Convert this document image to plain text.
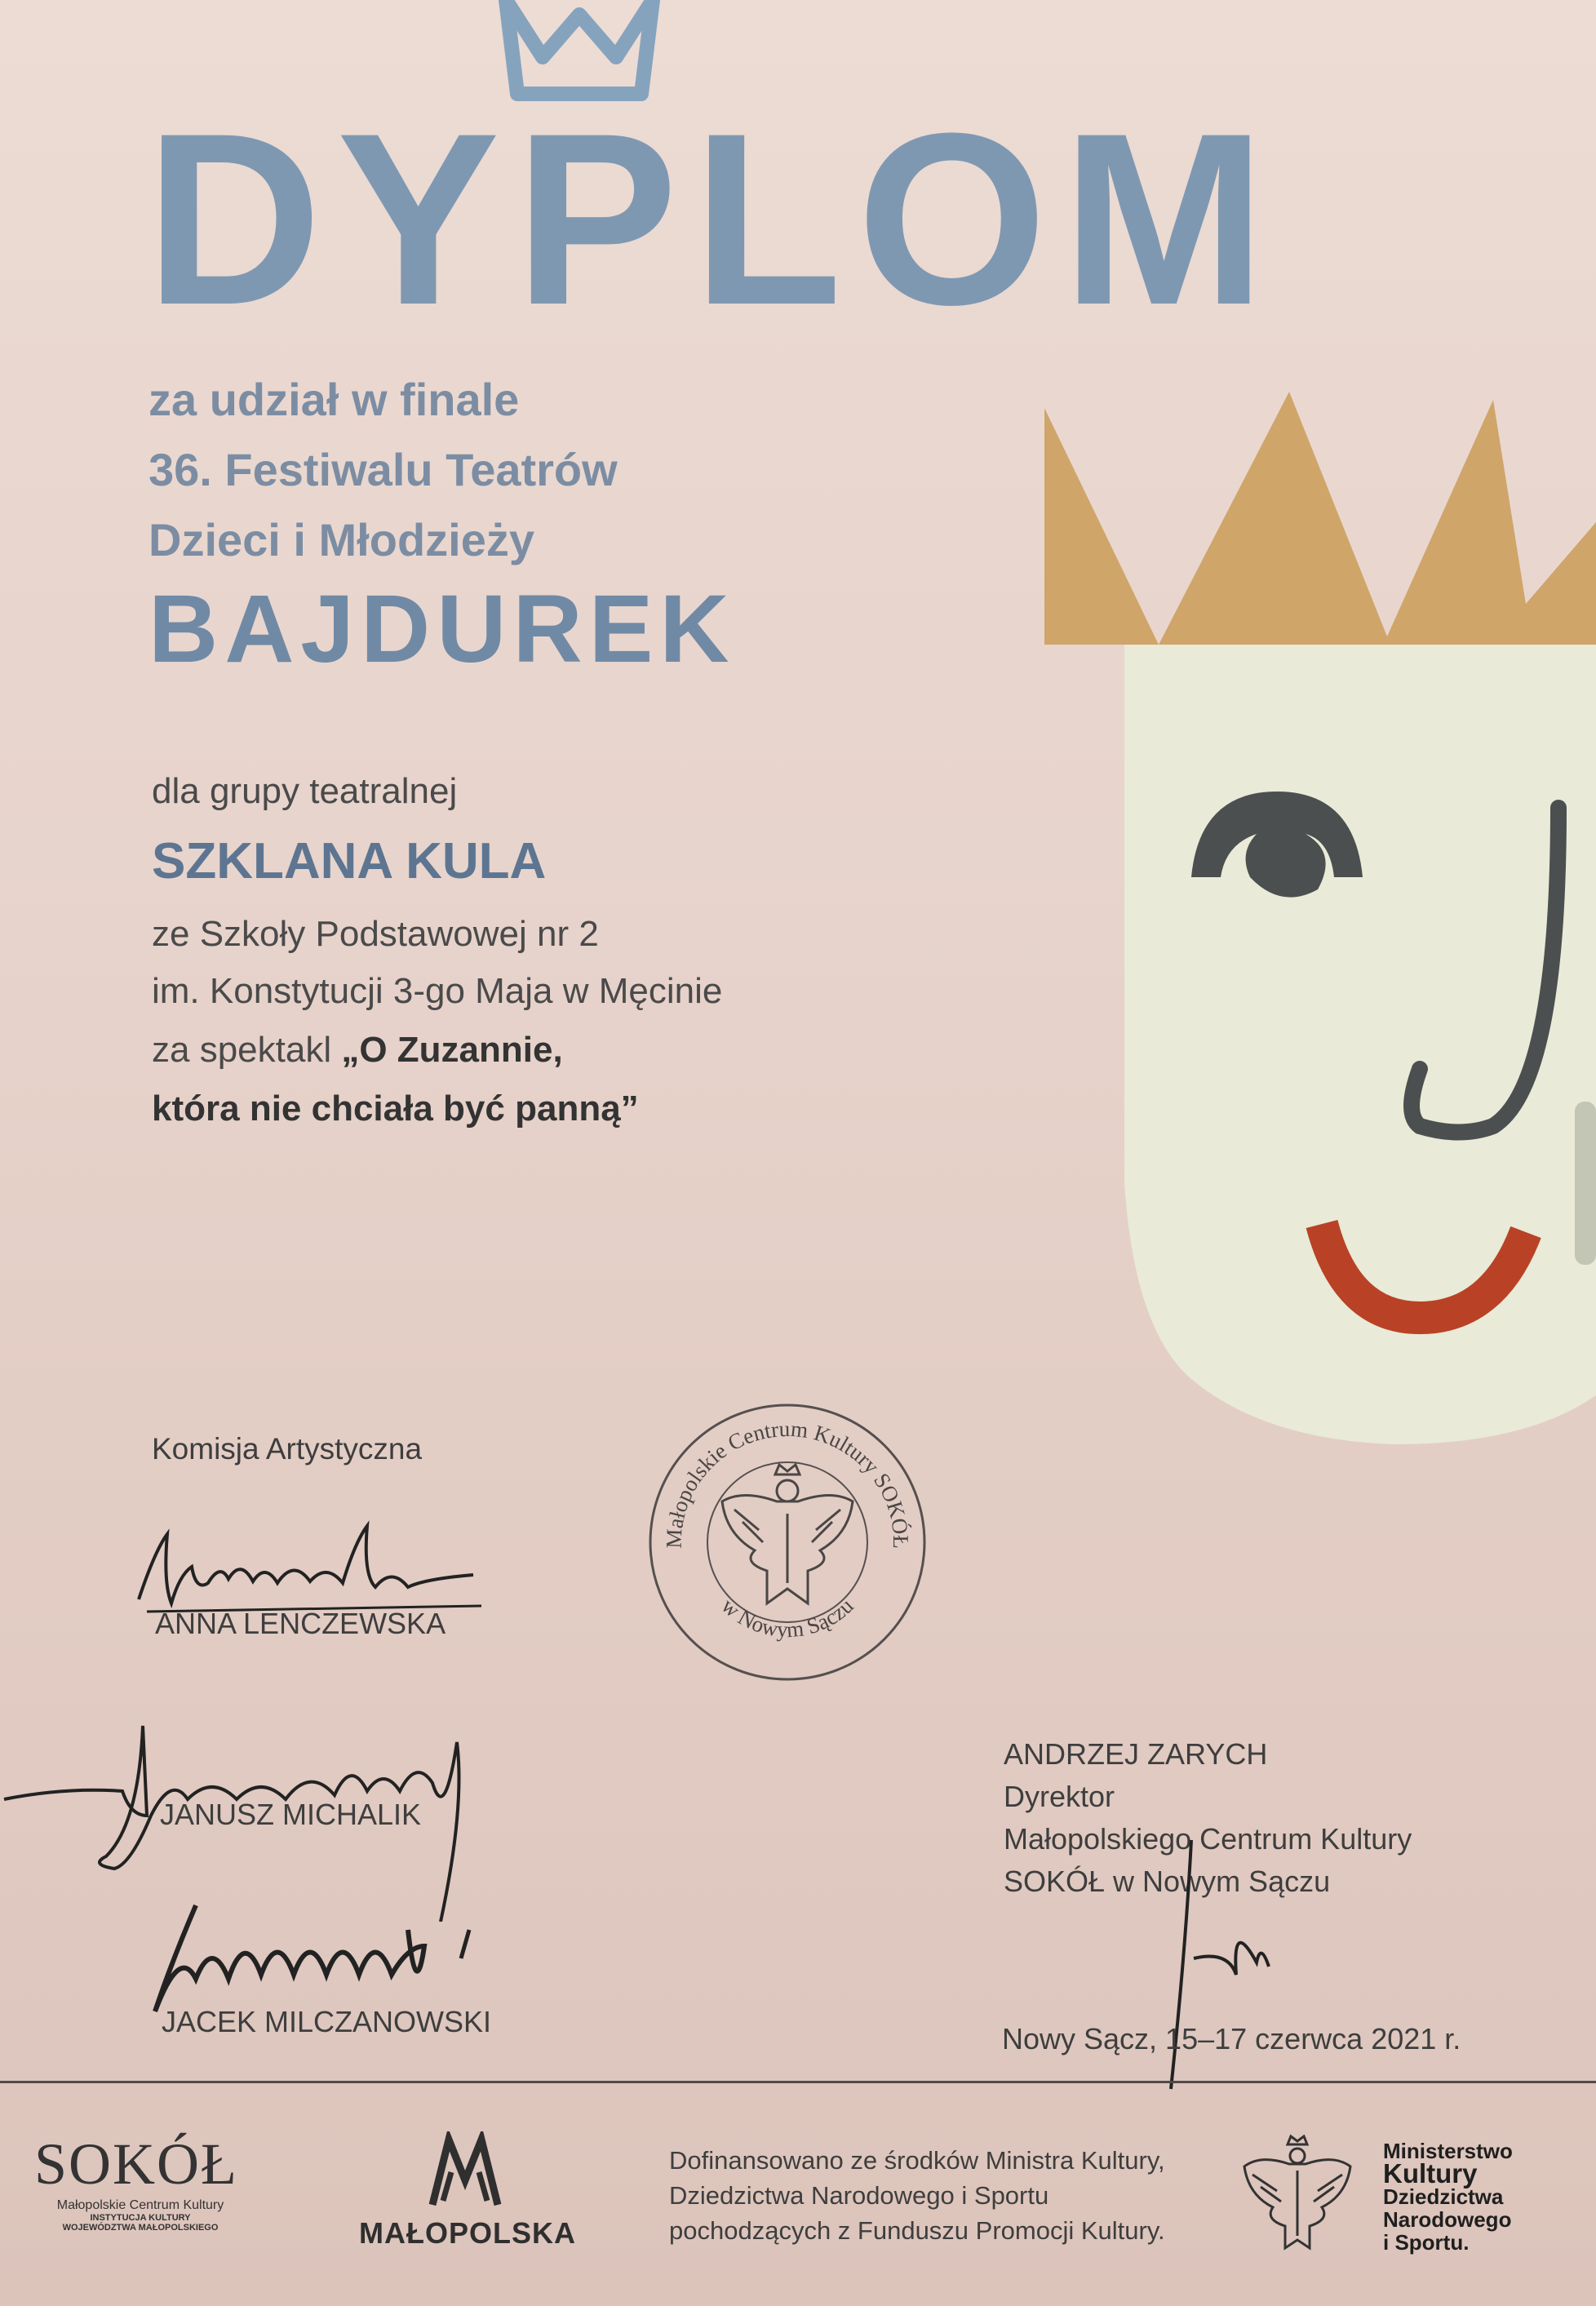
DYPLOM

za udział w finale

36. Festiwalu Teatrów

Dzieci i Młodzieży

BAJDUREK

dla grupy teatralnej

SZKLANA KULA

ze Szkoły Podstawowej nr 2

im. Konstytucji 3-go Maja w Męcinie

za spektakl „O Zuzannie,

która nie chciała być panną”

Komisja Artystyczna

ANNA LENCZEWSKA

JANUSZ MICHALIK

JACEK MILCZANOWSKI

Małopolskie Centrum Kultury SOKÓŁ
w Nowym Sączu

ANDRZEJ ZARYCH

Dyrektor

Małopolskiego Centrum Kultury

SOKÓŁ w Nowym Sączu

Nowy Sącz, 15–17 czerwca 2021 r.

SOKÓŁ
Małopolskie Centrum Kultury
INSTYTUCJA KULTURY
WOJEWÓDZTWA MAŁOPOLSKIEGO	MAŁOPOLSKA
Dofinansowano ze środków Ministra Kultury,
Dziedzictwa Narodowego i Sportu
pochodzących z Funduszu Promocji Kultury.
Ministerstwo
Kultury
Dziedzictwa
Narodowego
i Sportu.
